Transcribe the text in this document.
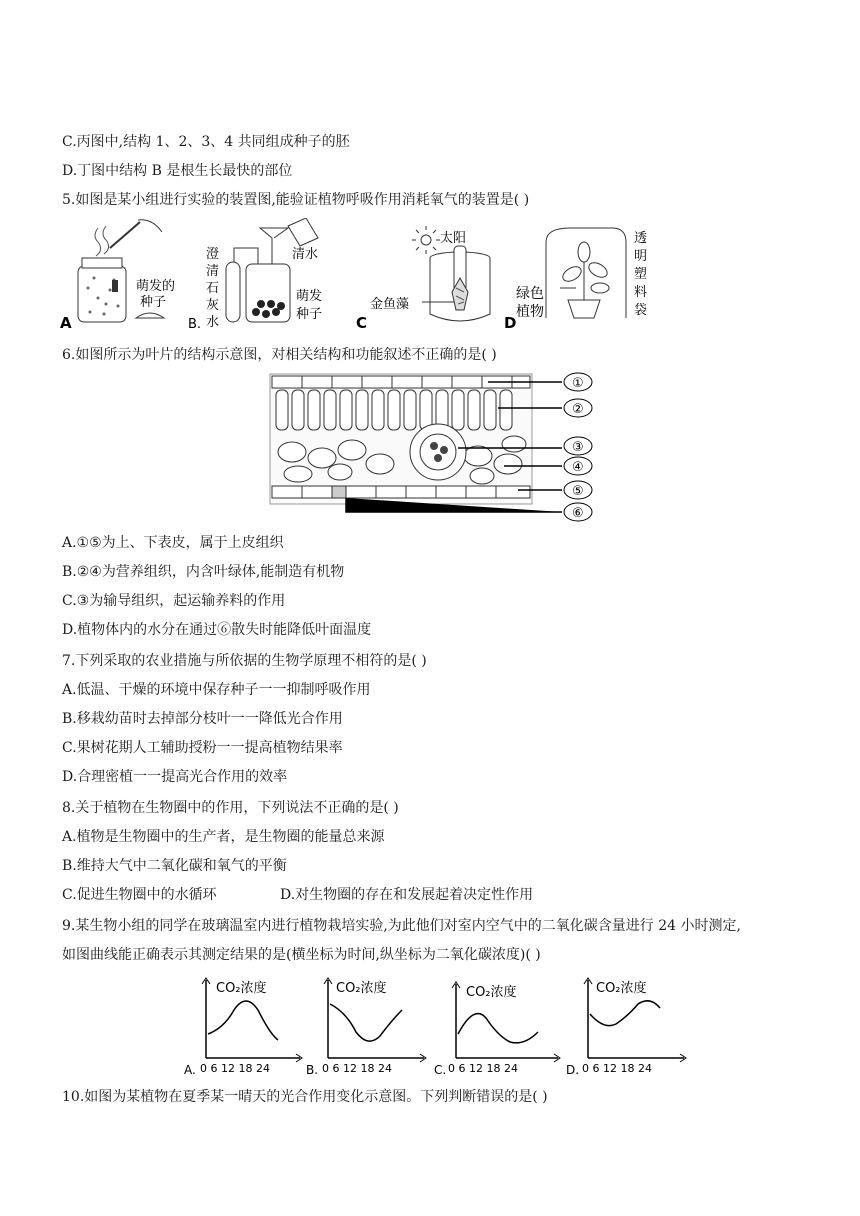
C.丙图中,结构 1、2、3、4 共同组成种子的胚
D.丁图中结构 B 是根生长最快的部位
5.如图是某小组进行实验的装置图,能验证植物呼吸作用消耗氧气的装置是( )
萌发的
种子
A	B.
澄
清
石
灰
水
清水
萌发
种子 C
太阳
金鱼藻
D
绿色
植物
透
明
塑
料
袋
6.如图所示为叶片的结构示意图，对相关结构和功能叙述不正确的是( )
①
②
③
④
⑤
⑥
A.①⑤为上、下表皮，属于上皮组织
B.②④为营养组织，内含叶绿体,能制造有机物
C.③为输导组织，起运输养料的作用
D.植物体内的水分在通过⑥散失时能降低叶面温度
7.下列采取的农业措施与所依据的生物学原理不相符的是( )
A.低温、干燥的环境中保存种子一一抑制呼吸作用
B.移栽幼苗时去掉部分枝叶一一降低光合作用
C.果树花期人工辅助授粉一一提高植物结果率
D.合理密植一一提高光合作用的效率
8.关于植物在生物圈中的作用，下列说法不正确的是( )
A.植物是生物圈中的生产者，是生物圈的能量总来源
B.维持大气中二氧化碳和氧气的平衡
C.促进生物圈中的水循环	D.对生物圈的存在和发展起着决定性作用
9.某生物小组的同学在玻璃温室内进行植物栽培实验,为此他们对室内空气中的二氧化碳含量进行 24 小时测定,
如图曲线能正确表示其测定结果的是(横坐标为时间,纵坐标为二氧化碳浓度)( )
CO₂浓度
A. 0 6 12 18 24
CO₂浓度
B. 0 6 12 18 24
CO₂浓度
C. 0 6 12 18 24
CO₂浓度
D. 0 6 12 18 24
10.如图为某植物在夏季某一晴天的光合作用变化示意图。下列判断错误的是( )
